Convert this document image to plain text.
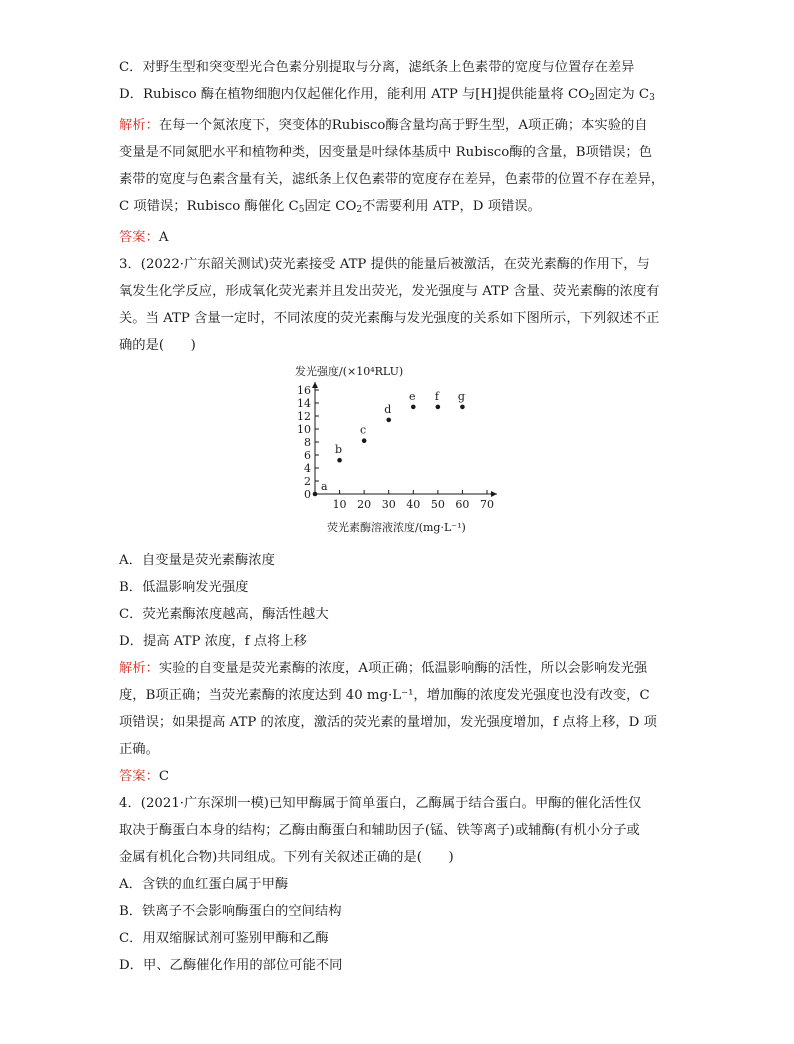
C．对野生型和突变型光合色素分别提取与分离，滤纸条上色素带的宽度与位置存在差异

D．Rubisco 酶在植物细胞内仅起催化作用，能利用 ATP 与[H]提供能量将 $CO_2$固定为 $C_3$

解析：在每一个氮浓度下，突变体的Rubisco酶含量均高于野生型，A项正确；本实验的自

变量是不同氮肥水平和植物种类，因变量是叶绿体基质中 Rubisco酶的含量，B项错误；色

素带的宽度与色素含量有关，滤纸条上仅色素带的宽度存在差异，色素带的位置不存在差异，

C 项错误；Rubisco 酶催化 $C_5$固定 $CO_2$不需要利用 ATP，D 项错误。

答案：A

3．(2022·广东韶关测试)荧光素接受 ATP 提供的能量后被激活，在荧光素酶的作用下，与

氧发生化学反应，形成氧化荧光素并且发出荧光，发光强度与 ATP 含量、荧光素酶的浓度有

关。当 ATP 含量一定时，不同浓度的荧光素酶与发光强度的关系如下图所示，下列叙述不正

确的是(　　)

发光强度/(×10⁴RLU)
荧光素酶溶液浓度/(mg·L⁻¹)
0
2
4
6
8
10
12
14
16
10 20 30 40 50 60 70
a
b
c
d
e f g

A．自变量是荧光素酶浓度

B．低温影响发光强度

C．荧光素酶浓度越高，酶活性越大

D．提高 ATP 浓度，f 点将上移

解析：实验的自变量是荧光素酶的浓度，A项正确；低温影响酶的活性，所以会影响发光强

度，B项正确；当荧光素酶的浓度达到 40 mg·L⁻¹，增加酶的浓度发光强度也没有改变，C

项错误；如果提高 ATP 的浓度，激活的荧光素的量增加，发光强度增加，f 点将上移，D 项

正确。

答案：C

4．(2021·广东深圳一模)已知甲酶属于简单蛋白，乙酶属于结合蛋白。甲酶的催化活性仅

取决于酶蛋白本身的结构；乙酶由酶蛋白和辅助因子(锰、铁等离子)或辅酶(有机小分子或

金属有机化合物)共同组成。下列有关叙述正确的是(　　)

A．含铁的血红蛋白属于甲酶

B．铁离子不会影响酶蛋白的空间结构

C．用双缩脲试剂可鉴别甲酶和乙酶

D．甲、乙酶催化作用的部位可能不同
